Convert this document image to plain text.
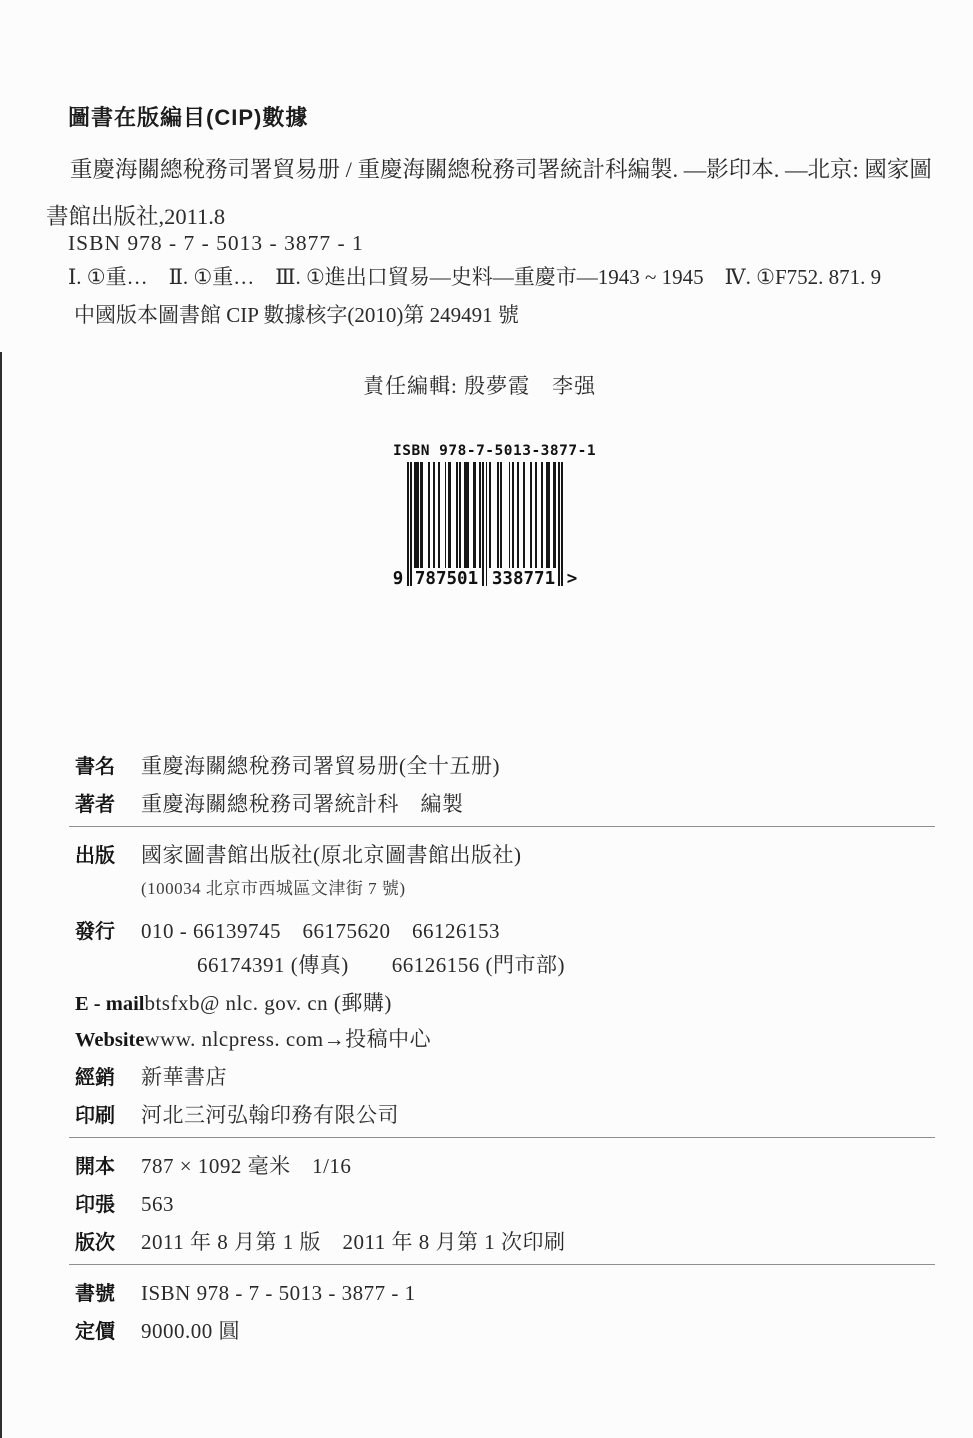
圖書在版編目(CIP)數據
重慶海關總稅務司署貿易册 / 重慶海關總稅務司署統計科編製. —影印本. —北京: 國家圖書館出版社,2011.8
ISBN 978 - 7 - 5013 - 3877 - 1
Ⅰ. ①重…　Ⅱ. ①重…　Ⅲ. ①進出口貿易—史料—重慶市—1943 ~ 1945　Ⅳ. ①F752. 871. 9
中國版本圖書館 CIP 數據核字(2010)第 249491 號
責任編輯: 殷夢霞　李强
ISBN 978-7-5013-3877-1
9 787501 338771 >
書名	重慶海關總稅務司署貿易册(全十五册)
著者	重慶海關總稅務司署統計科　編製
出版	國家圖書館出版社(原北京圖書館出版社)
(100034 北京市西城區文津街 7 號)
發行	010 - 66139745　66175620　66126153
66174391 (傳真)　　66126156 (門市部)
E - mail btsfxb@ nlc. gov. cn (郵購)
Website www. nlcpress. com→投稿中心
經銷	新華書店
印刷	河北三河弘翰印務有限公司
開本	787 × 1092 毫米　1/16
印張	563
版次	2011 年 8 月第 1 版　2011 年 8 月第 1 次印刷
書號	ISBN 978 - 7 - 5013 - 3877 - 1
定價	9000.00 圓
